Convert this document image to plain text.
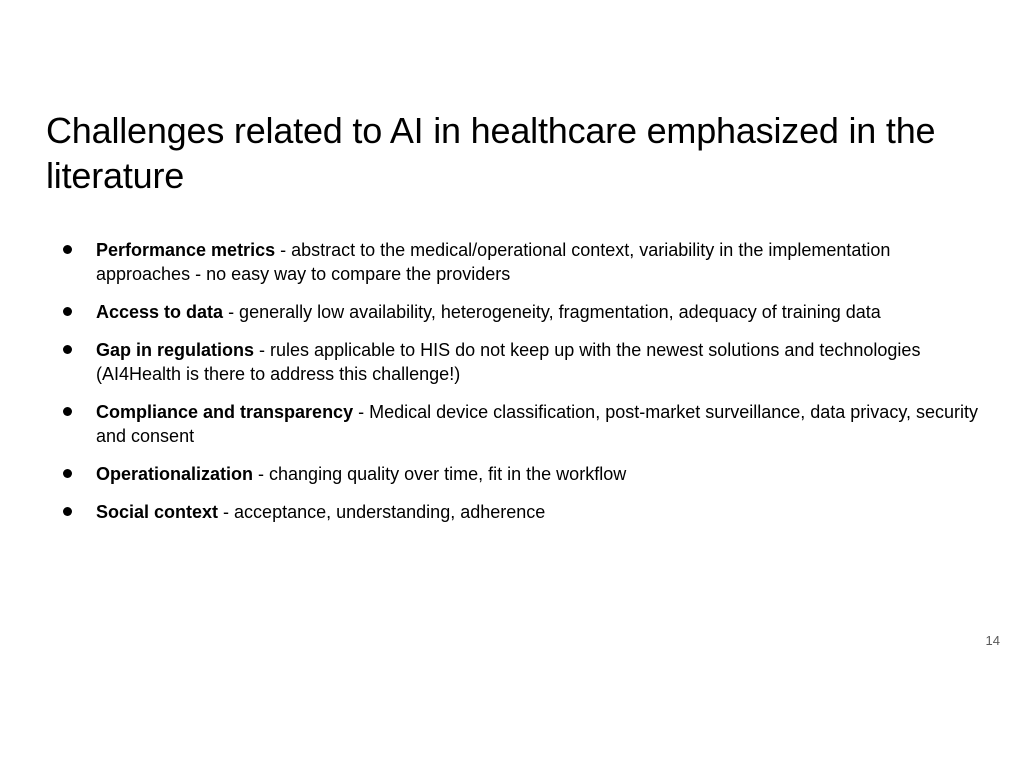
Challenges related to AI in healthcare emphasized in the literature
Performance metrics - abstract to the medical/operational context, variability in the implementation approaches - no easy way to compare the providers
Access to data - generally low availability, heterogeneity, fragmentation, adequacy of training data
Gap in regulations - rules applicable to HIS do not keep up with the newest solutions and technologies (AI4Health is there to address this challenge!)
Compliance and transparency - Medical device classification, post-market surveillance, data privacy, security and consent
Operationalization - changing quality over time, fit in the workflow
Social context - acceptance, understanding, adherence
14
